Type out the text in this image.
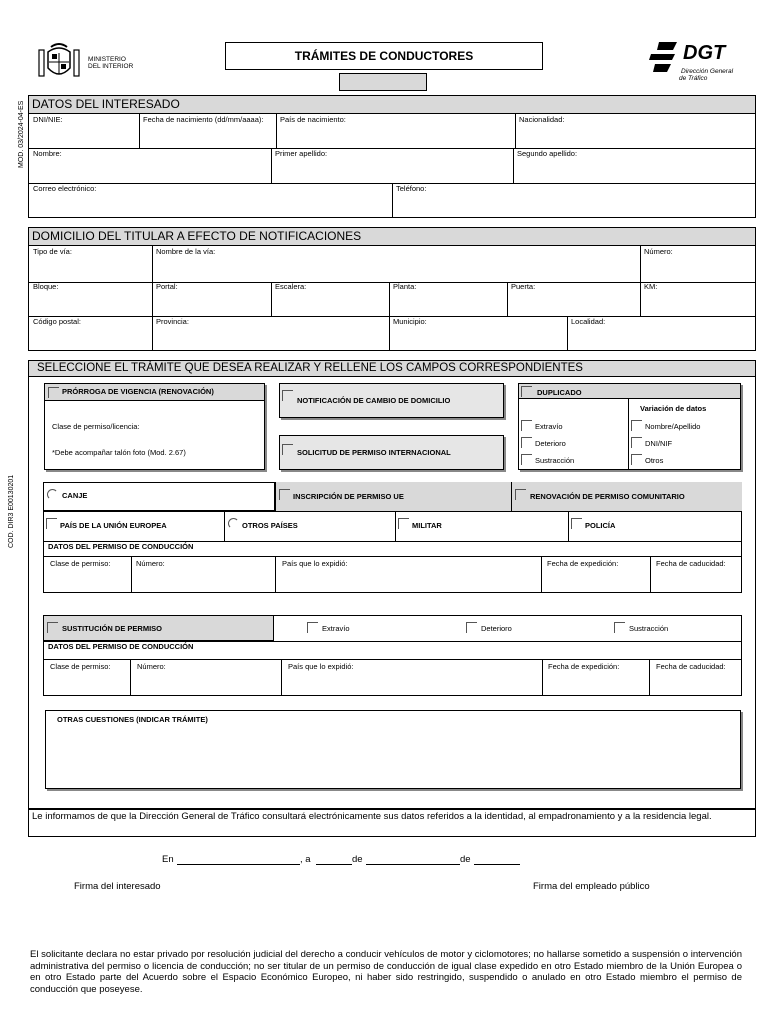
MINISTERIO
DEL INTERIOR
TRÁMITES DE CONDUCTORES	DGT
Dirección General
de Tráfico
MOD. 03/2024-04-ES
COD. DIR3 E00130201
DATOS DEL INTERESADO
DNI/NIE:	Fecha de nacimiento (dd/mm/aaaa): País de nacimiento:	Nacionalidad:
Nombre:	Primer apellido:	Segundo apellido:
Correo electrónico:	Teléfono:
DOMICILIO DEL TITULAR A EFECTO DE NOTIFICACIONES
Tipo de vía:	Nombre de la vía:	Número:
Bloque:	Portal:	Escalera:	Planta:	Puerta:	KM:
Código postal:	Provincia:	Municipio:	Localidad:
SELECCIONE EL TRÁMITE QUE DESEA REALIZAR Y RELLENE LOS CAMPOS CORRESPONDIENTES
PRÓRROGA DE VIGENCIA (RENOVACIÓN)
Clase de permiso/licencia:
*Debe acompañar talón foto (Mod. 2.67)
NOTIFICACIÓN DE CAMBIO DE DOMICILIO
SOLICITUD DE PERMISO INTERNACIONAL
DUPLICADO
Variación de datos
Extravío
Deterioro
Sustracción
Nombre/Apellido
DNI/NIF
Otros
CANJE	INSCRIPCIÓN DE PERMISO UE	RENOVACIÓN DE PERMISO COMUNITARIO
PAÍS DE LA UNIÓN EUROPEA	OTROS PAÍSES	MILITAR	POLICÍA
DATOS DEL PERMISO DE CONDUCCIÓN
Clase de permiso:	Número:	País que lo expidió:	Fecha de expedición:	Fecha de caducidad:
SUSTITUCIÓN DE PERMISO	Extravío	Deterioro	Sustracción
DATOS DEL PERMISO DE CONDUCCIÓN
Clase de permiso:	Número:	País que lo expidió:	Fecha de expedición:	Fecha de caducidad:
OTRAS CUESTIONES (INDICAR TRÁMITE)
Le informamos de que la Dirección General de Tráfico consultará electrónicamente sus datos referidos a la identidad, al empadronamiento y a la residencia legal.
En	, a	de	de
Firma del interesado	Firma del empleado público
El solicitante declara no estar privado por resolución judicial del derecho a conducir vehículos de motor y ciclomotores; no hallarse sometido a suspensión o intervención administrativa del permiso o licencia de conducción; no ser titular de un permiso de conducción de igual clase expedido en otro Estado miembro de la Unión Europea o en otro Estado parte del Acuerdo sobre el Espacio Económico Europeo, ni haber sido restringido, suspendido o anulado en otro Estado miembro el permiso de conducción que poseyese.
